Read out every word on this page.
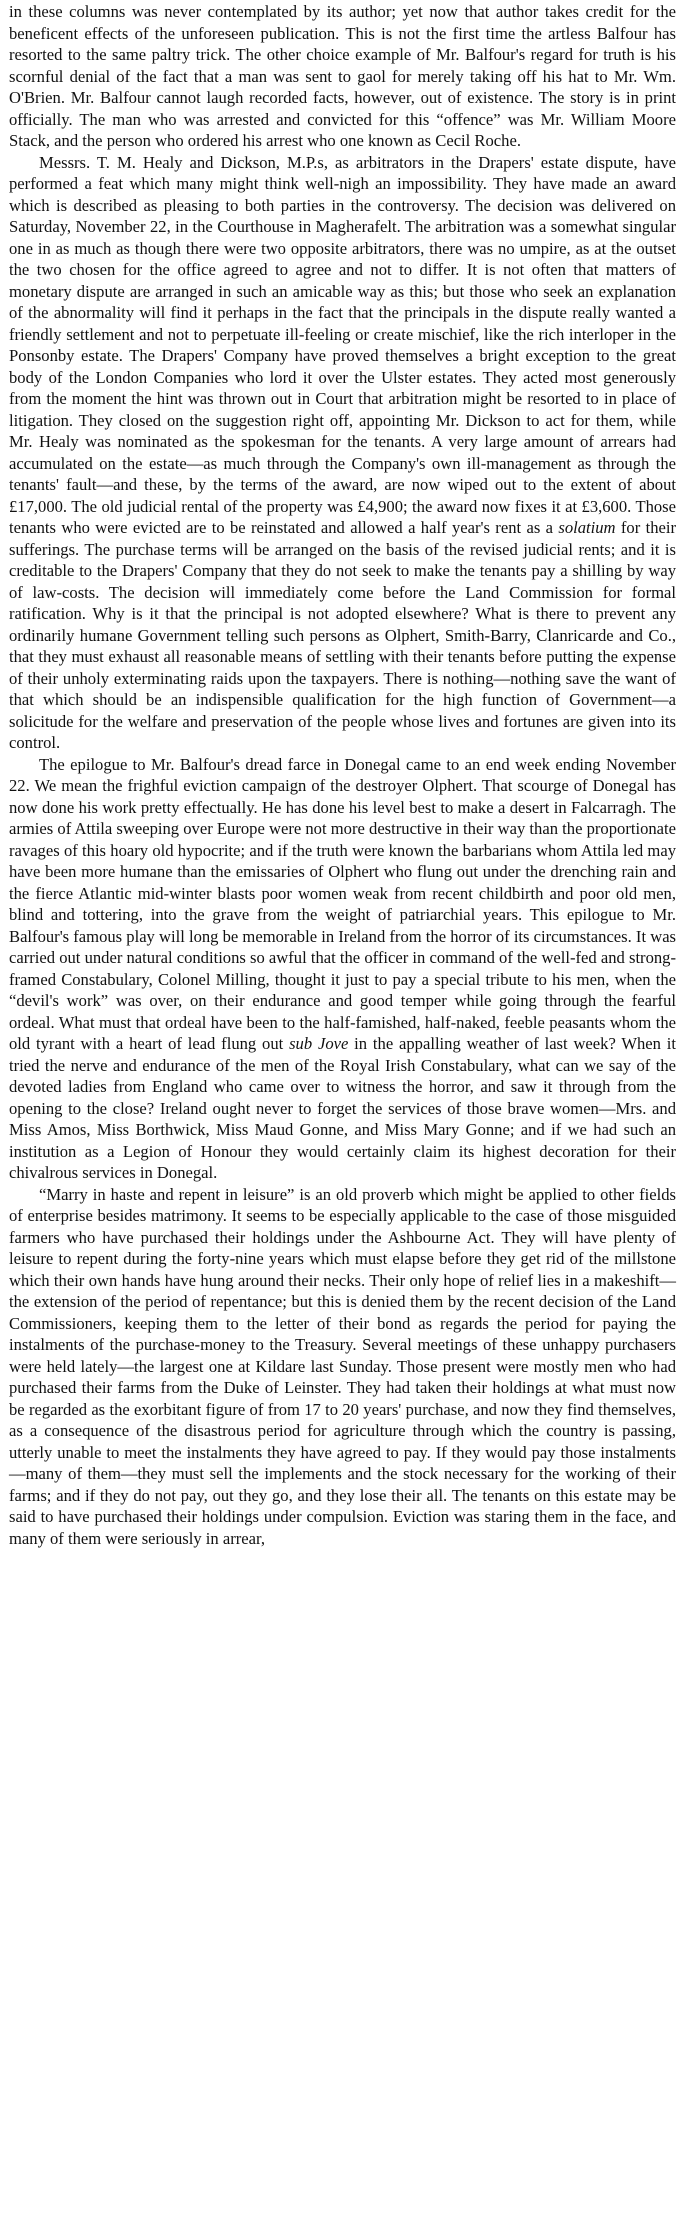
in these columns was never contemplated by its author; yet now that author takes credit for the beneficent effects of the unforeseen publication. This is not the first time the artless Balfour has resorted to the same paltry trick. The other choice example of Mr. Balfour's regard for truth is his scornful denial of the fact that a man was sent to gaol for merely taking off his hat to Mr. Wm. O'Brien. Mr. Balfour cannot laugh recorded facts, however, out of existence. The story is in print officially. The man who was arrested and convicted for this “offence” was Mr. William Moore Stack, and the person who ordered his arrest who one known as Cecil Roche.

Messrs. T. M. Healy and Dickson, M.P.s, as arbitrators in the Drapers' estate dispute, have performed a feat which many might think well-nigh an impossibility. They have made an award which is described as pleasing to both parties in the controversy. The decision was delivered on Saturday, November 22, in the Courthouse in Magherafelt. The arbitration was a somewhat singular one in as much as though there were two opposite arbitrators, there was no umpire, as at the outset the two chosen for the office agreed to agree and not to differ. It is not often that matters of monetary dispute are arranged in such an amicable way as this; but those who seek an explanation of the abnormality will find it perhaps in the fact that the principals in the dispute really wanted a friendly settlement and not to perpetuate ill-feeling or create mischief, like the rich interloper in the Ponsonby estate. The Drapers' Company have proved themselves a bright exception to the great body of the London Companies who lord it over the Ulster estates. They acted most generously from the moment the hint was thrown out in Court that arbitration might be resorted to in place of litigation. They closed on the suggestion right off, appointing Mr. Dickson to act for them, while Mr. Healy was nominated as the spokesman for the tenants. A very large amount of arrears had accumulated on the estate—as much through the Company's own ill-management as through the tenants' fault—and these, by the terms of the award, are now wiped out to the extent of about £17,000. The old judicial rental of the property was £4,900; the award now fixes it at £3,600. Those tenants who were evicted are to be reinstated and allowed a half year's rent as a solatium for their sufferings. The purchase terms will be arranged on the basis of the revised judicial rents; and it is creditable to the Drapers' Company that they do not seek to make the tenants pay a shilling by way of law-costs. The decision will immediately come before the Land Commission for formal ratification. Why is it that the principal is not adopted elsewhere? What is there to prevent any ordinarily humane Government telling such persons as Olphert, Smith-Barry, Clanricarde and Co., that they must exhaust all reasonable means of settling with their tenants before putting the expense of their unholy exterminating raids upon the taxpayers. There is nothing—nothing save the want of that which should be an indispensible qualification for the high function of Government—a solicitude for the welfare and preservation of the people whose lives and fortunes are given into its control.

The epilogue to Mr. Balfour's dread farce in Donegal came to an end week ending November 22. We mean the frighful eviction campaign of the destroyer Olphert. That scourge of Donegal has now done his work pretty effectually. He has done his level best to make a desert in Falcarragh. The armies of Attila sweeping over Europe were not more destructive in their way than the proportionate ravages of this hoary old hypocrite; and if the truth were known the barbarians whom Attila led may have been more humane than the emissaries of Olphert who flung out under the drenching rain and the fierce Atlantic mid-winter blasts poor women weak from recent childbirth and poor old men, blind and tottering, into the grave from the weight of patriarchial years. This epilogue to Mr. Balfour's famous play will long be memorable in Ireland from the horror of its circumstances. It was carried out under natural conditions so awful that the officer in command of the well-fed and strong-framed Constabulary, Colonel Milling, thought it just to pay a special tribute to his men, when the “devil's work” was over, on their endurance and good temper while going through the fearful ordeal. What must that ordeal have been to the half-famished, half-naked, feeble peasants whom the old tyrant with a heart of lead flung out sub Jove in the appalling weather of last week? When it tried the nerve and endurance of the men of the Royal Irish Constabulary, what can we say of the devoted ladies from England who came over to witness the horror, and saw it through from the opening to the close? Ireland ought never to forget the services of those brave women—Mrs. and Miss Amos, Miss Borthwick, Miss Maud Gonne, and Miss Mary Gonne; and if we had such an institution as a Legion of Honour they would certainly claim its highest decoration for their chivalrous services in Donegal.

“Marry in haste and repent in leisure” is an old proverb which might be applied to other fields of enterprise besides matrimony. It seems to be especially applicable to the case of those misguided farmers who have purchased their holdings under the Ashbourne Act. They will have plenty of leisure to repent during the forty-nine years which must elapse before they get rid of the millstone which their own hands have hung around their necks. Their only hope of relief lies in a makeshift—the extension of the period of repentance; but this is denied them by the recent decision of the Land Commissioners, keeping them to the letter of their bond as regards the period for paying the instalments of the purchase-money to the Treasury. Several meetings of these unhappy purchasers were held lately—the largest one at Kildare last Sunday. Those present were mostly men who had purchased their farms from the Duke of Leinster. They had taken their holdings at what must now be regarded as the exorbitant figure of from 17 to 20 years' purchase, and now they find themselves, as a consequence of the disastrous period for agriculture through which the country is passing, utterly unable to meet the instalments they have agreed to pay. If they would pay those instalments—many of them—they must sell the implements and the stock necessary for the working of their farms; and if they do not pay, out they go, and they lose their all. The tenants on this estate may be said to have purchased their holdings under compulsion. Eviction was staring them in the face, and many of them were seriously in arrear,
